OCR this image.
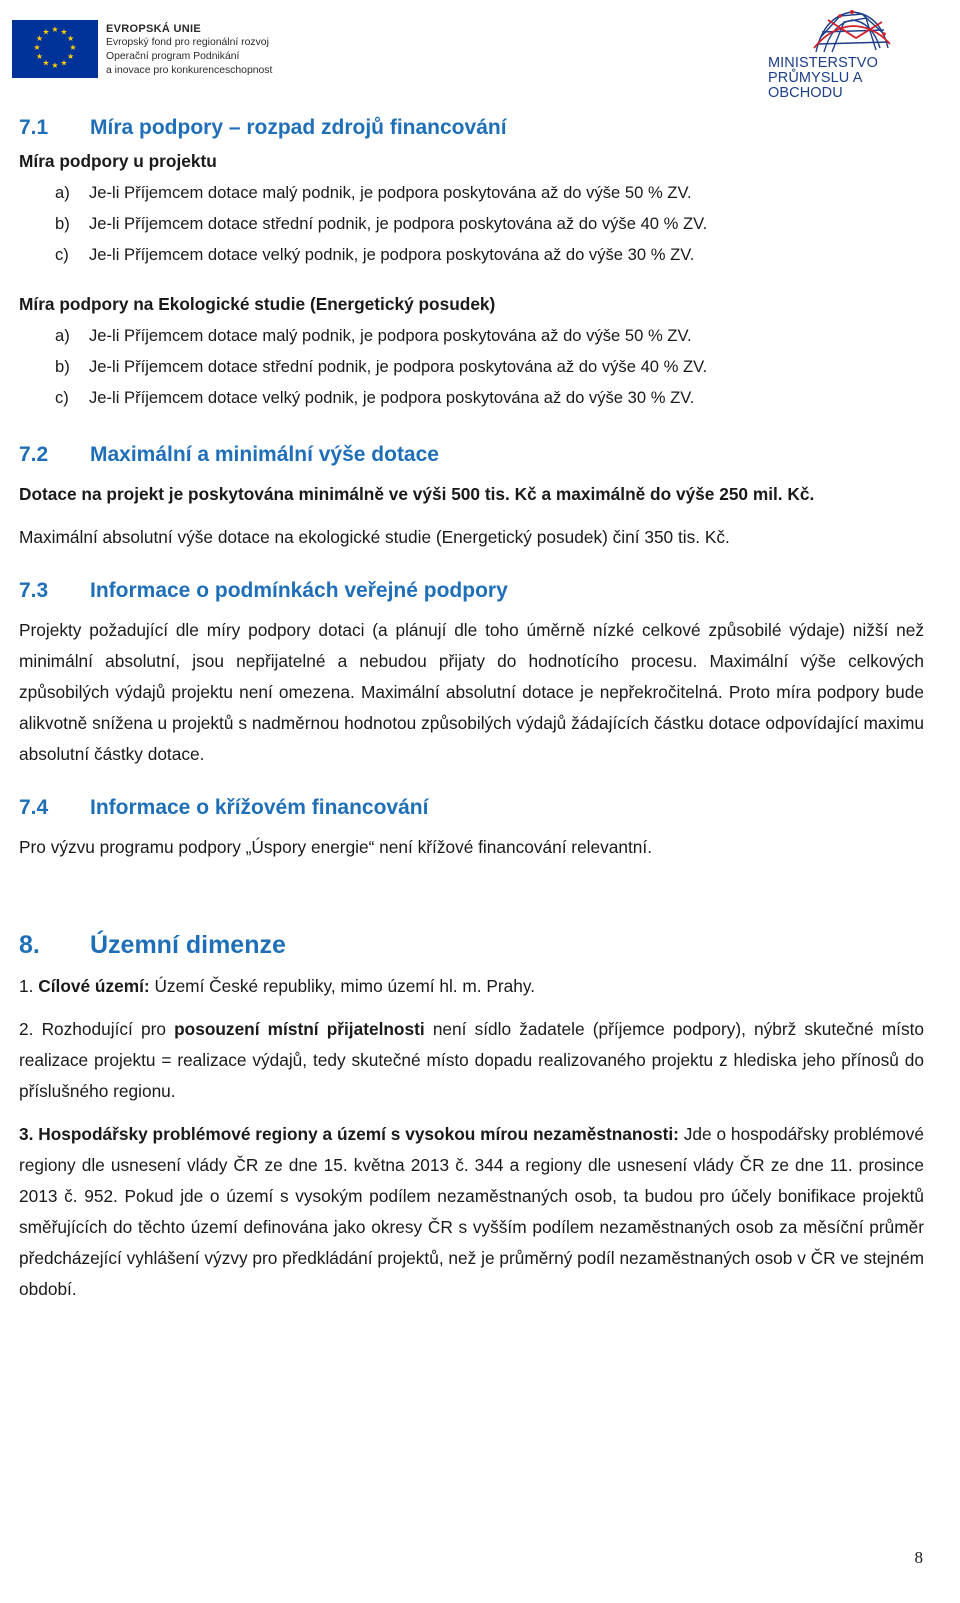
★ ★
★
★
★
★
★
★
★
★
★
★	EVROPSKÁ UNIE
Evropský fond pro regionální rozvoj
Operační program Podnikání
a inovace pro konkurenceschopnost	MINISTERSTVO
PRŮMYSLU A OBCHODU
7.1	Míra podpory – rozpad zdrojů financování
Míra podpory u projektu
a)	Je-li Příjemcem dotace malý podnik, je podpora poskytována až do výše 50 % ZV.
b)	Je-li Příjemcem dotace střední podnik, je podpora poskytována až do výše 40 % ZV.
c)	Je-li Příjemcem dotace velký podnik, je podpora poskytována až do výše 30 % ZV.
Míra podpory na Ekologické studie (Energetický posudek)
a)	Je-li Příjemcem dotace malý podnik, je podpora poskytována až do výše 50 % ZV.
b)	Je-li Příjemcem dotace střední podnik, je podpora poskytována až do výše 40 % ZV.
c)	Je-li Příjemcem dotace velký podnik, je podpora poskytována až do výše 30 % ZV.
7.2	Maximální a minimální výše dotace

Dotace na projekt je poskytována minimálně ve výši 500 tis. Kč a maximálně do výše 250 mil. Kč.

Maximální absolutní výše dotace na ekologické studie (Energetický posudek) činí 350 tis. Kč.

7.3	Informace o podmínkách veřejné podpory

Projekty požadující dle míry podpory dotaci (a plánují dle toho úměrně nízké celkové způsobilé výdaje) nižší než minimální absolutní, jsou nepřijatelné a nebudou přijaty do hodnotícího procesu. Maximální výše celkových způsobilých výdajů projektu není omezena. Maximální absolutní dotace je nepřekročitelná. Proto míra podpory bude alikvotně snížena u projektů s nadměrnou hodnotou způsobilých výdajů žádajících částku dotace odpovídající maximu absolutní částky dotace.

7.4	Informace o křížovém financování

Pro výzvu programu podpory „Úspory energie“ není křížové financování relevantní.

8.	Územní dimenze

1. Cílové území: Území České republiky, mimo území hl. m. Prahy.

2. Rozhodující pro posouzení místní přijatelnosti není sídlo žadatele (příjemce podpory), nýbrž skutečné místo realizace projektu = realizace výdajů, tedy skutečné místo dopadu realizovaného projektu z hlediska jeho přínosů do příslušného regionu.

3. Hospodářsky problémové regiony a území s vysokou mírou nezaměstnanosti: Jde o hospodářsky problémové regiony dle usnesení vlády ČR ze dne 15. května 2013 č. 344 a regiony dle usnesení vlády ČR ze dne 11. prosince 2013 č. 952. Pokud jde o území s vysokým podílem nezaměstnaných osob, ta budou pro účely bonifikace projektů směřujících do těchto území definována jako okresy ČR s vyšším podílem nezaměstnaných osob za měsíční průměr předcházející vyhlášení výzvy pro předkládání projektů, než je průměrný podíl nezaměstnaných osob v ČR ve stejném období.

8
